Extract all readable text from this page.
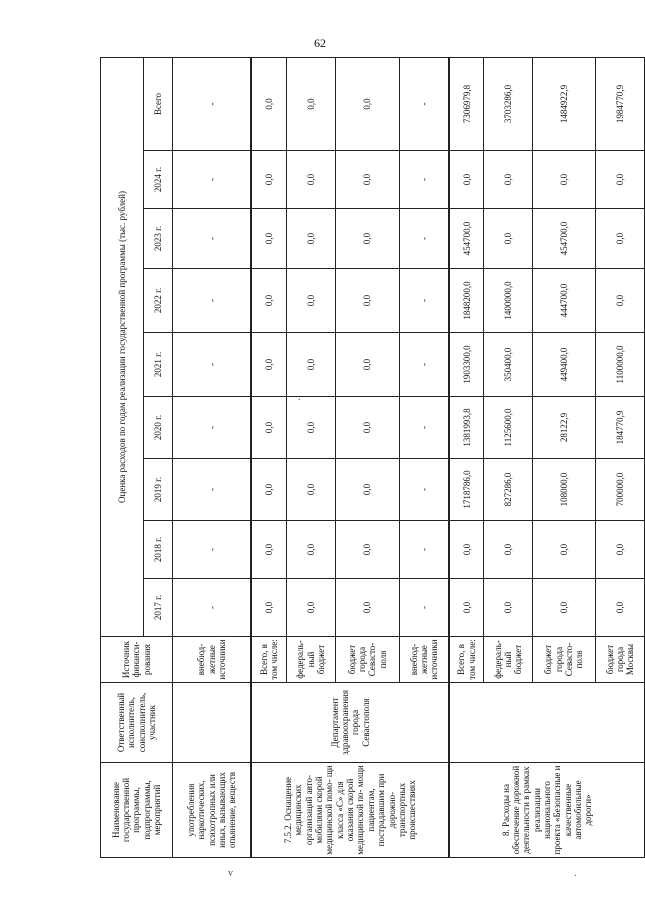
62
.
v	.
Наименование государственной программы, подпрограммы, мероприятий	Ответственный исполнитель, соисполнитель, участник	Источник финанси- рования	Оценка расходов по годам реализации государственной программы (тыс. рублей)								
			2017 г.	2018 г.	2019 г.	2020 г.	2021 г.	2022 г.	2023 г.	2024 г.	Всего
употребления наркотических, психотропных или иных, вызывающих опьянение, веществ		внебюд- жетные источники	-	-	-	-	-	-	-	-	-
7.5.2. Оснащение медицинских организаций авто- мобилями скорой медицинской помо- щи класса «С» для оказания скорой медицинской по- мощи пациентам, пострадавшим при дорожно- транспортных происшествиях	Департамент здравоохранения города Севастополя	Всего, в том числе:	0,0	0,0	0,0	0,0	0,0	0,0	0,0	0,0	0,0
		федераль- ный бюджет	0,0	0,0	0,0	0,0	0,0	0,0	0,0	0,0	0,0
		бюджет города Севасто- поля	0,0	0,0	0,0	0,0	0,0	0,0	0,0	0,0	0,0
		внебюд- жетные источники	-	-	-	-	-	-	-	-	-
8. Расходы на обеспечение дорожной деятельности в рамках реализации национального проекта «Безопасные и качественные автомобильные дороги»		Всего, в том числе:	0,0	0,0	1718786,0	1381993,8	1903300,0	1848200,0	454700,0	0,0	7306979,8
		федераль- ный бюджет	0,0	0,0	827286,0	1125600,0	350400,0	1400000,0	0,0	0,0	3703286,0
		бюджет города Севасто- поля	0,0	0,0	108000,0	28122,9	449400,0	444700,0	454700,0	0,0	1484922,9
		бюджет города Москвы	0,0	0,0	700000,0	184770,9	1100000,0	0,0	0,0	0,0	1984770,9
